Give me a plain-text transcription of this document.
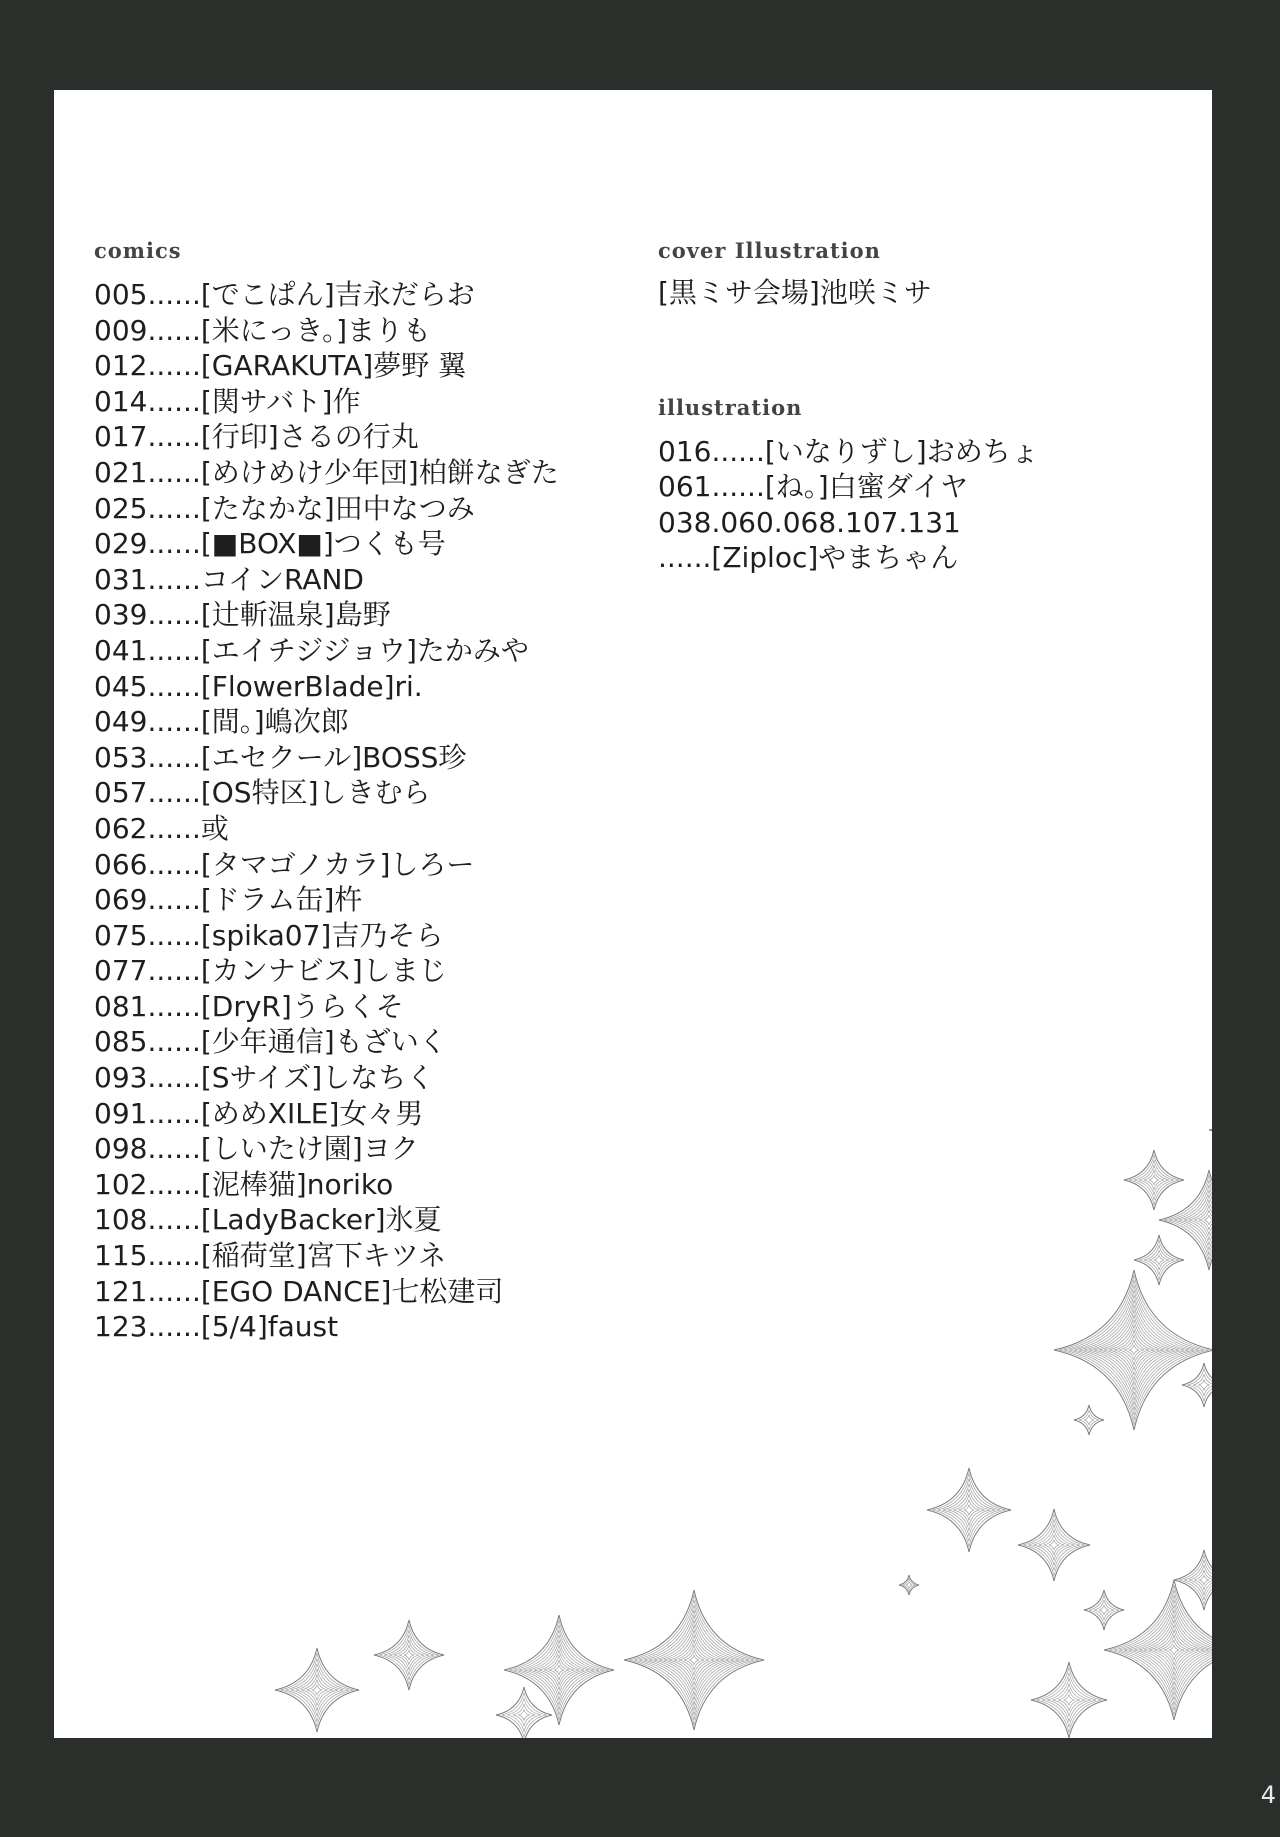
comics
005......[でこぱん]吉永だらお
009......[米にっき。]まりも
012......[GARAKUTA]夢野 翼
014......[関サバト]作
017......[行印]さるの行丸
021......[めけめけ少年団]柏餅なぎた
025......[たなかな]田中なつみ
029......[■BOX■]つくも号
031......コインRAND
039......[辻斬温泉]島野
041......[エイチジジョウ]たかみや
045......[FlowerBlade]ri.
049......[間。]嶋次郎
053......[エセクール]BOSS珍
057......[OS特区]しきむら
062......或
066......[タマゴノカラ]しろー
069......[ドラム缶]杵
075......[spika07]吉乃そら
077......[カンナビス]しまじ
081......[DryR]うらくそ
085......[少年通信]もざいく
093......[Sサイズ]しなちく
091......[めめXILE]女々男
098......[しいたけ園]ヨク
102......[泥棒猫]noriko
108......[LadyBacker]氷夏
115......[稲荷堂]宮下キツネ
121......[EGO DANCE]七松建司
123......[5/4]faust
cover Illustration
[黒ミサ会場]池咲ミサ
illustration
016......[いなりずし]おめちょ
061......[ね。]白蜜ダイヤ
038.060.068.107.131
......[Ziploc]やまちゃん
4
